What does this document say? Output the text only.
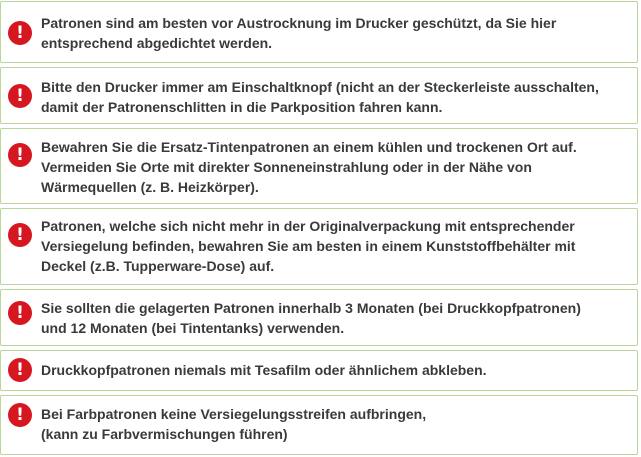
!	Patronen sind am besten vor Austrocknung im Drucker geschützt, da Sie hier
entsprechend abgedichtet werden.
!	Bitte den Drucker immer am Einschaltknopf (nicht an der Steckerleiste ausschalten,
damit der Patronenschlitten in die Parkposition fahren kann.
!	Bewahren Sie die Ersatz-Tintenpatronen an einem kühlen und trockenen Ort auf.
Vermeiden Sie Orte mit direkter Sonneneinstrahlung oder in der Nähe von
Wärmequellen (z. B. Heizkörper).
!	Patronen, welche sich nicht mehr in der Originalverpackung mit entsprechender
Versiegelung befinden, bewahren Sie am besten in einem Kunststoffbehälter mit
Deckel (z.B. Tupperware-Dose) auf.
!	Sie sollten die gelagerten Patronen innerhalb 3 Monaten (bei Druckkopfpatronen)
und 12 Monaten (bei Tintentanks) verwenden.
!	Druckkopfpatronen niemals mit Tesafilm oder ähnlichem abkleben.
!	Bei Farbpatronen keine Versiegelungsstreifen aufbringen,
(kann zu Farbvermischungen führen)
